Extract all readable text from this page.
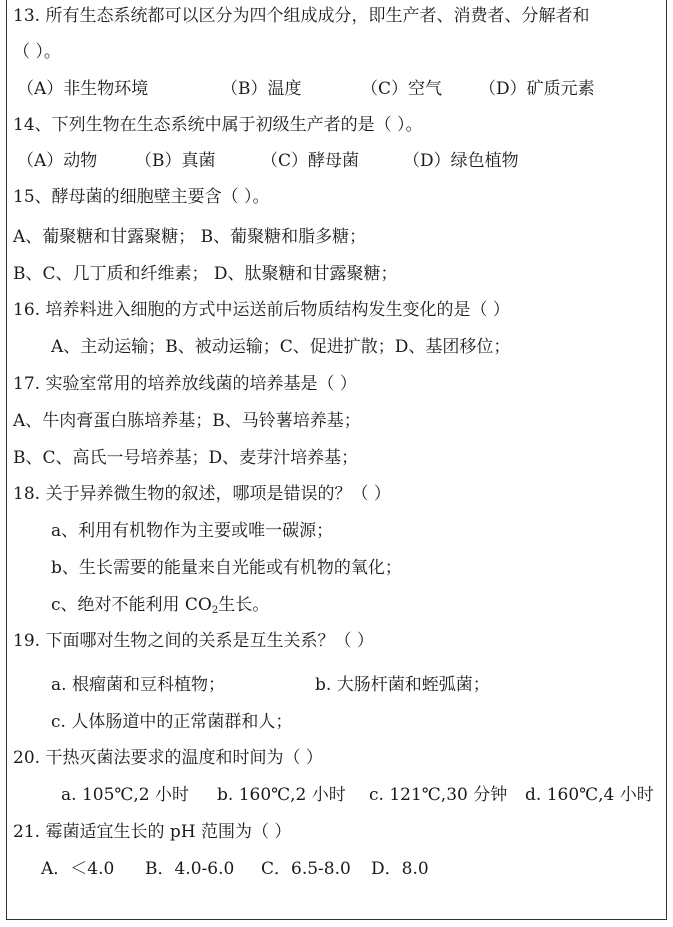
13. 所有生态系统都可以区分为四个组成成分，即生产者、消费者、分解者和
（ ）。
（A）非生物环境	（B）温度	（C）空气 （D）矿质元素
14、下列生物在生态系统中属于初级生产者的是（ ）。
（A）动物 （B）真菌	（C）酵母菌	（D）绿色植物
15、酵母菌的细胞壁主要含（ ）。
A、葡聚糖和甘露聚糖； B、葡聚糖和脂多糖；
B、C、几丁质和纤维素； D、肽聚糖和甘露聚糖；
16. 培养料进入细胞的方式中运送前后物质结构发生变化的是（ ）
A、主动运输；B、被动运输；C、促进扩散；D、基团移位；
17. 实验室常用的培养放线菌的培养基是（ ）
A、牛肉膏蛋白胨培养基；B、马铃薯培养基；
B、C、高氏一号培养基；D、麦芽汁培养基；
18. 关于异养微生物的叙述，哪项是错误的？（ ）
a、利用有机物作为主要或唯一碳源；
b、生长需要的能量来自光能或有机物的氧化；
c、绝对不能利用 $CO_2$生长。
19. 下面哪对生物之间的关系是互生关系？（ ）
a. 根瘤菌和豆科植物；	b. 大肠杆菌和蛭弧菌；
c. 人体肠道中的正常菌群和人；
20. 干热灭菌法要求的温度和时间为（ ）
a. 105℃,2 小时 b. 160℃,2 小时 c. 121℃,30 分钟 d. 160℃,4 小时
21. 霉菌适宜生长的 pH 范围为（ ）
A．＜4.0 B．4.0-6.0 C．6.5-8.0 D．8.0
